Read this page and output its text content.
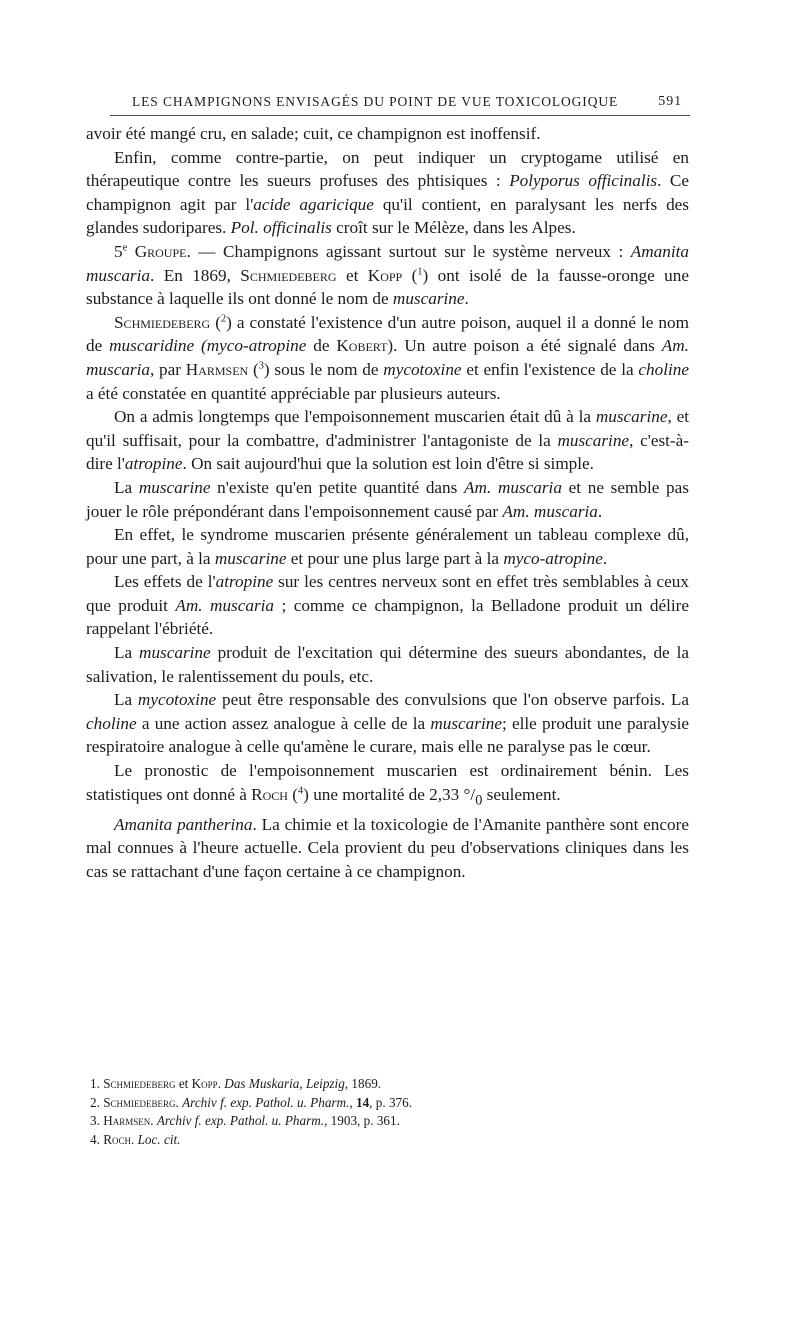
LES CHAMPIGNONS ENVISAGÉS DU POINT DE VUE TOXICOLOGIQUE	591

avoir été mangé cru, en salade; cuit, ce champignon est inoffensif.

Enfin, comme contre-partie, on peut indiquer un cryptogame utilisé en thérapeutique contre les sueurs profuses des phtisiques : Polyporus officinalis. Ce champignon agit par l'acide agaricique qu'il contient, en paralysant les nerfs des glandes sudoripares. Pol. officinalis croît sur le Mélèze, dans les Alpes.

5e Groupe. — Champignons agissant surtout sur le système nerveux : Amanita muscaria. En 1869, Schmiedeberg et Kopp ($^1$) ont isolé de la fausse-oronge une substance à laquelle ils ont donné le nom de muscarine.

Schmiedeberg ($^2$) a constaté l'existence d'un autre poison, auquel il a donné le nom de muscaridine (myco-atropine de Kobert). Un autre poison a été signalé dans Am. muscaria, par Harmsen ($^3$) sous le nom de mycotoxine et enfin l'existence de la choline a été constatée en quantité appréciable par plusieurs auteurs.

On a admis longtemps que l'empoisonnement muscarien était dû à la muscarine, et qu'il suffisait, pour la combattre, d'administrer l'antagoniste de la muscarine, c'est-à-dire l'atropine. On sait aujourd'hui que la solution est loin d'être si simple.

La muscarine n'existe qu'en petite quantité dans Am. muscaria et ne semble pas jouer le rôle prépondérant dans l'empoisonnement causé par Am. muscaria.

En effet, le syndrome muscarien présente généralement un tableau complexe dû, pour une part, à la muscarine et pour une plus large part à la myco-atropine.

Les effets de l'atropine sur les centres nerveux sont en effet très semblables à ceux que produit Am. muscaria ; comme ce champignon, la Belladone produit un délire rappelant l'ébriété.

La muscarine produit de l'excitation qui détermine des sueurs abondantes, de la salivation, le ralentissement du pouls, etc.

La mycotoxine peut être responsable des convulsions que l'on observe parfois. La choline a une action assez analogue à celle de la muscarine; elle produit une paralysie respiratoire analogue à celle qu'amène le curare, mais elle ne paralyse pas le cœur.

Le pronostic de l'empoisonnement muscarien est ordinairement bénin. Les statistiques ont donné à Roch ($^4$) une mortalité de 2,33 $^\circ/_0$ seulement.

Amanita pantherina. La chimie et la toxicologie de l'Amanite panthère sont encore mal connues à l'heure actuelle. Cela provient du peu d'observations cliniques dans les cas se rattachant d'une façon certaine à ce champignon.

1. Schmiedeberg et Kopp. Das Muskaria, Leipzig, 1869.
2. Schmiedeberg. Archiv f. exp. Pathol. u. Pharm., 14, p. 376.
3. Harmsen. Archiv f. exp. Pathol. u. Pharm., 1903, p. 361.
4. Roch. Loc. cit.
